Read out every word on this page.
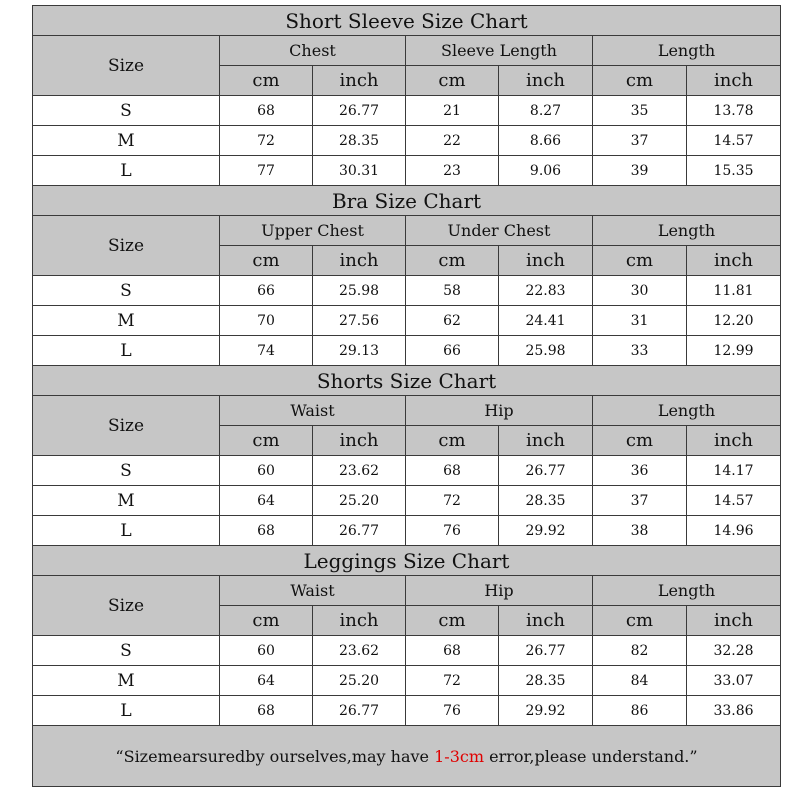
Short Sleeve Size Chart						
Size	Chest		Sleeve Length		Length	
	cm	inch	cm	inch	cm	inch
S	68	26.77	21	8.27	35	13.78
M	72	28.35	22	8.66	37	14.57
L	77	30.31	23	9.06	39	15.35
Bra Size Chart						
Size	Upper Chest		Under Chest		Length	
	cm	inch	cm	inch	cm	inch
S	66	25.98	58	22.83	30	11.81
M	70	27.56	62	24.41	31	12.20
L	74	29.13	66	25.98	33	12.99
Shorts Size Chart						
Size	Waist		Hip		Length	
	cm	inch	cm	inch	cm	inch
S	60	23.62	68	26.77	36	14.17
M	64	25.20	72	28.35	37	14.57
L	68	26.77	76	29.92	38	14.96
Leggings Size Chart						
Size	Waist		Hip		Length	
	cm	inch	cm	inch	cm	inch
S	60	23.62	68	26.77	82	32.28
M	64	25.20	72	28.35	84	33.07
L	68	26.77	76	29.92	86	33.86
“Sizemearsuredby ourselves,may have 1-3cm error,please understand.”						
